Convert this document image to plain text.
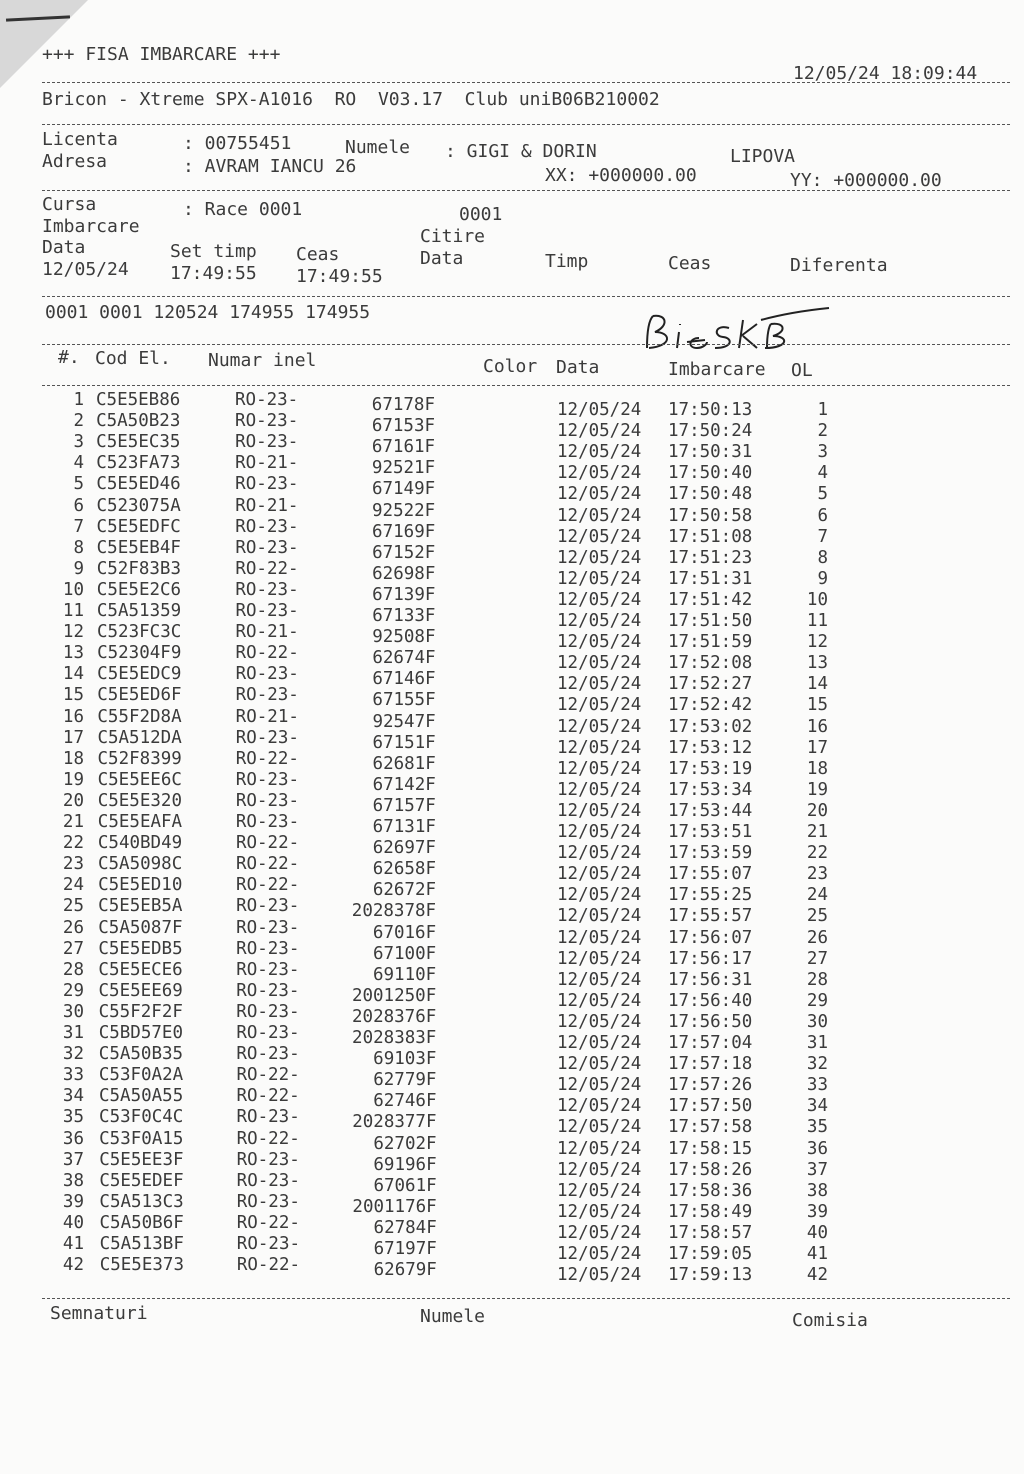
+++ FISA IMBARCARE +++
12/05/24 18:09:44
Bricon - Xtreme SPX-A1016  RO  V03.17  Club uniB06B210002
Licenta	: 00755451	Numele : GIGI & DORIN	LIPOVA
Adresa	: AVRAM IANCU 26	XX: +000000.00	YY: +000000.00
Cursa	: Race 0001	0001
Imbarcare	Citire
Data	Set timp Ceas	Data	Timp	Ceas	Diferenta
12/05/24 17:49:55 17:49:55
0001 0001 120524 174955 174955
#. Cod El. Numar inel	Color Data	Imbarcare OL
1 C5E5EB86	RO-23-	67178F	12/05/24 17:50:13	1
2 C5A50B23	RO-23-	67153F	12/05/24 17:50:24	2
3 C5E5EC35	RO-23-	67161F	12/05/24 17:50:31	3
4 C523FA73	RO-21-	92521F	12/05/24 17:50:40	4
5 C5E5ED46	RO-23-	67149F	12/05/24 17:50:48	5
6 C523075A	RO-21-	92522F	12/05/24 17:50:58	6
7 C5E5EDFC	RO-23-	67169F	12/05/24 17:51:08	7
8 C5E5EB4F	RO-23-	67152F	12/05/24 17:51:23	8
9 C52F83B3	RO-22-	62698F	12/05/24 17:51:31	9
10 C5E5E2C6	RO-23-	67139F	12/05/24 17:51:42	10
11 C5A51359	RO-23-	67133F	12/05/24 17:51:50	11
12 C523FC3C	RO-21-	92508F	12/05/24 17:51:59	12
13 C52304F9	RO-22-	62674F	12/05/24 17:52:08	13
14 C5E5EDC9	RO-23-	67146F	12/05/24 17:52:27	14
15 C5E5ED6F	RO-23-	67155F	12/05/24 17:52:42	15
16 C55F2D8A	RO-21-	92547F	12/05/24 17:53:02	16
17 C5A512DA	RO-23-	67151F	12/05/24 17:53:12	17
18 C52F8399	RO-22-	62681F	12/05/24 17:53:19	18
19 C5E5EE6C	RO-23-	67142F	12/05/24 17:53:34	19
20 C5E5E320	RO-23-	67157F	12/05/24 17:53:44	20
21 C5E5EAFA	RO-23-	67131F	12/05/24 17:53:51	21
22 C540BD49	RO-22-	62697F	12/05/24 17:53:59	22
23 C5A5098C	RO-22-	62658F	12/05/24 17:55:07	23
24 C5E5ED10	RO-22-	62672F	12/05/24 17:55:25	24
25 C5E5EB5A	RO-23-	2028378F	12/05/24 17:55:57	25
26 C5A5087F	RO-23-	67016F	12/05/24 17:56:07	26
27 C5E5EDB5	RO-23-	67100F	12/05/24 17:56:17	27
28 C5E5ECE6	RO-23-	69110F	12/05/24 17:56:31	28
29 C5E5EE69	RO-23-	2001250F	12/05/24 17:56:40	29
30 C55F2F2F	RO-23-	2028376F	12/05/24 17:56:50	30
31 C5BD57E0	RO-23-	2028383F	12/05/24 17:57:04	31
32 C5A50B35	RO-23-	69103F	12/05/24 17:57:18	32
33 C53F0A2A	RO-22-	62779F	12/05/24 17:57:26	33
34 C5A50A55	RO-22-	62746F	12/05/24 17:57:50	34
35 C53F0C4C	RO-23-	2028377F	12/05/24 17:57:58	35
36 C53F0A15	RO-22-	62702F	12/05/24 17:58:15	36
37 C5E5EE3F	RO-23-	69196F	12/05/24 17:58:26	37
38 C5E5EDEF	RO-23-	67061F	12/05/24 17:58:36	38
39 C5A513C3	RO-23-	2001176F	12/05/24 17:58:49	39
40 C5A50B6F	RO-22-	62784F	12/05/24 17:58:57	40
41 C5A513BF	RO-23-	67197F	12/05/24 17:59:05	41
42 C5E5E373	RO-22-	62679F	12/05/24 17:59:13	42
Semnaturi	Numele	Comisia
